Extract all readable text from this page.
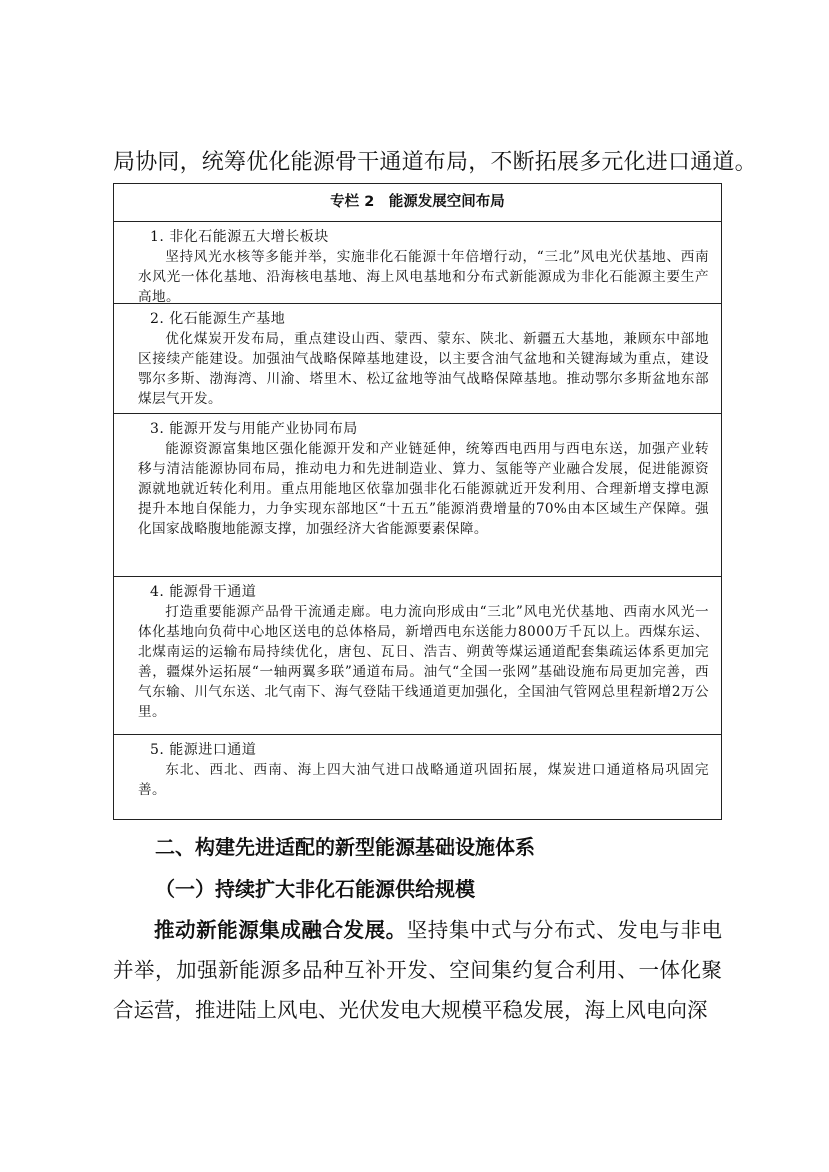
局协同，统筹优化能源骨干通道布局，不断拓展多元化进口通道。
专栏 2　能源发展空间布局
1. 非化石能源五大增长板块
坚持风光水核等多能并举，实施非化石能源十年倍增行动，“三北”风电光伏基地、西南水风光一体化基地、沿海核电基地、海上风电基地和分布式新能源成为非化石能源主要生产高地。
2. 化石能源生产基地
优化煤炭开发布局，重点建设山西、蒙西、蒙东、陕北、新疆五大基地，兼顾东中部地区接续产能建设。加强油气战略保障基地建设，以主要含油气盆地和关键海域为重点，建设鄂尔多斯、渤海湾、川渝、塔里木、松辽盆地等油气战略保障基地。推动鄂尔多斯盆地东部煤层气开发。
3. 能源开发与用能产业协同布局
能源资源富集地区强化能源开发和产业链延伸，统筹西电西用与西电东送，加强产业转移与清洁能源协同布局，推动电力和先进制造业、算力、氢能等产业融合发展，促进能源资源就地就近转化利用。重点用能地区依靠加强非化石能源就近开发利用、合理新增支撑电源提升本地自保能力，力争实现东部地区“十五五”能源消费增量的70%由本区域生产保障。强化国家战略腹地能源支撑，加强经济大省能源要素保障。
4. 能源骨干通道
打造重要能源产品骨干流通走廊。电力流向形成由“三北”风电光伏基地、西南水风光一体化基地向负荷中心地区送电的总体格局，新增西电东送能力8000万千瓦以上。西煤东运、北煤南运的运输布局持续优化，唐包、瓦日、浩吉、朔黄等煤运通道配套集疏运体系更加完善，疆煤外运拓展“一轴两翼多联”通道布局。油气“全国一张网”基础设施布局更加完善，西气东输、川气东送、北气南下、海气登陆干线通道更加强化，全国油气管网总里程新增2万公里。
5. 能源进口通道
东北、西北、西南、海上四大油气进口战略通道巩固拓展，煤炭进口通道格局巩固完善。
二、构建先进适配的新型能源基础设施体系
（一）持续扩大非化石能源供给规模
推动新能源集成融合发展。坚持集中式与分布式、发电与非电并举，加强新能源多品种互补开发、空间集约复合利用、一体化聚合运营，推进陆上风电、光伏发电大规模平稳发展，海上风电向深
